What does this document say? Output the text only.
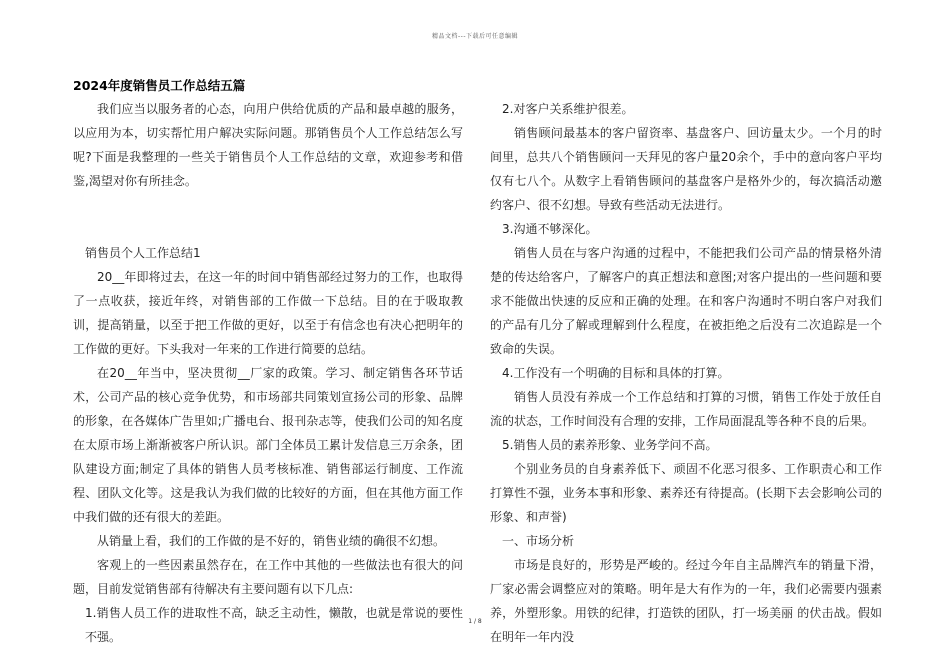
精品文档---下载后可任意编辑
2024年度销售员工作总结五篇

我们应当以服务者的心态，向用户供给优质的产品和最卓越的服务，以应用为本，切实帮忙用户解决实际问题。那销售员个人工作总结怎么写呢?下面是我整理的一些关于销售员个人工作总结的文章，欢迎参考和借鉴,渴望对你有所挂念。

销售员个人工作总结1

20__年即将过去，在这一年的时间中销售部经过努力的工作，也取得了一点收获，接近年终，对销售部的工作做一下总结。目的在于吸取教训，提高销量，以至于把工作做的更好，以至于有信念也有决心把明年的工作做的更好。下头我对一年来的工作进行简要的总结。

在20__年当中，坚决贯彻__厂家的政策。学习、制定销售各环节话术，公司产品的核心竞争优势，和市场部共同策划宣扬公司的形象、品牌的形象，在各媒体广告里如;广播电台、报刊杂志等，使我们公司的知名度在太原市场上渐渐被客户所认识。部门全体员工累计发信息三万余条，团队建设方面;制定了具体的销售人员考核标准、销售部运行制度、工作流程、团队文化等。这是我认为我们做的比较好的方面，但在其他方面工作中我们做的还有很大的差距。

从销量上看，我们的工作做的是不好的，销售业绩的确很不幻想。

客观上的一些因素虽然存在，在工作中其他的一些做法也有很大的问题，目前发觉销售部有待解决有主要问题有以下几点:

1.销售人员工作的进取性不高，缺乏主动性，懒散，也就是常说的要性不强。

2.对客户关系维护很差。

销售顾问最基本的客户留资率、基盘客户、回访量太少。一个月的时间里，总共八个销售顾问一天拜见的客户量20余个，手中的意向客户平均仅有七八个。从数字上看销售顾问的基盘客户是格外少的，每次搞活动邀约客户、很不幻想。导致有些活动无法进行。

3.沟通不够深化。

销售人员在与客户沟通的过程中，不能把我们公司产品的情景格外清楚的传达给客户，了解客户的真正想法和意图;对客户提出的一些问题和要求不能做出快速的反应和正确的处理。在和客户沟通时不明白客户对我们的产品有几分了解或理解到什么程度，在被拒绝之后没有二次追踪是一个致命的失误。

4.工作没有一个明确的目标和具体的打算。

销售人员没有养成一个工作总结和打算的习惯，销售工作处于放任自流的状态，工作时间没有合理的安排，工作局面混乱等各种不良的后果。

5.销售人员的素养形象、业务学问不高。

个别业务员的自身素养低下、顽固不化恶习很多、工作职责心和工作打算性不强，业务本事和形象、素养还有待提高。(长期下去会影响公司的形象、和声誉)

一、市场分析

市场是良好的，形势是严峻的。经过今年自主品牌汽车的销量下滑，厂家必需会调整应对的策略。明年是大有作为的一年，我们必需要内强素养，外塑形象。用铁的纪律，打造铁的团队，打一场美丽 的伏击战。假如在明年一年内没

1 / 8
